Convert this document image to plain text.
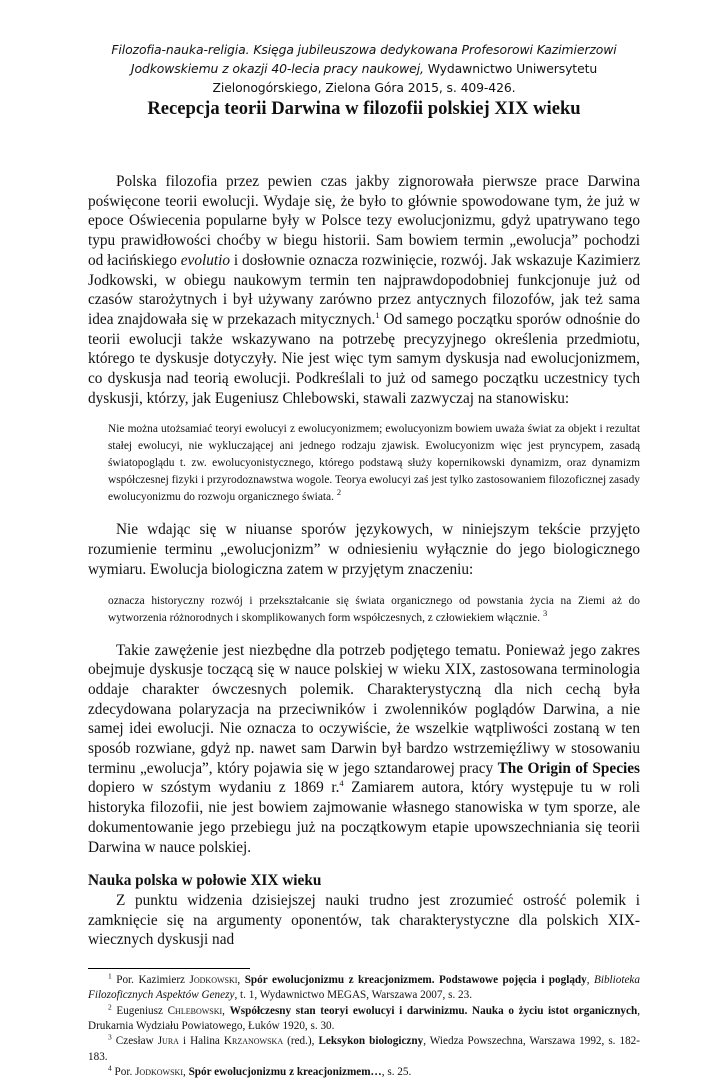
Filozofia-nauka-religia. Księga jubileuszowa dedykowana Profesorowi Kazimierzowi Jodkowskiemu z okazji 40-lecia pracy naukowej, Wydawnictwo Uniwersytetu Zielonogórskiego, Zielona Góra 2015, s. 409-426.

Recepcja teorii Darwina w filozofii polskiej XIX wieku

Polska filozofia przez pewien czas jakby zignorowała pierwsze prace Darwina poświęcone teorii ewolucji. Wydaje się, że było to głównie spowodowane tym, że już w epoce Oświecenia popularne były w Polsce tezy ewolucjonizmu, gdyż upatrywano tego typu prawidłowości choćby w biegu historii. Sam bowiem termin „ewolucja” pochodzi od łacińskiego evolutio i dosłownie oznacza rozwinięcie, rozwój. Jak wskazuje Kazimierz Jodkowski, w obiegu naukowym termin ten najprawdopodobniej funkcjonuje już od czasów starożytnych i był używany zarówno przez antycznych filozofów, jak też sama idea znajdowała się w przekazach mitycznych.$^1$ Od samego początku sporów odnośnie do teorii ewolucji także wskazywano na potrzebę precyzyjnego określenia przedmiotu, którego te dyskusje dotyczyły. Nie jest więc tym samym dyskusja nad ewolucjonizmem, co dyskusja nad teorią ewolucji. Podkreślali to już od samego początku uczestnicy tych dyskusji, którzy, jak Eugeniusz Chlebowski, stawali zazwyczaj na stanowisku:

Nie można utożsamiać teoryi ewolucyi z ewolucyonizmem; ewolucyonizm bowiem uważa świat za objekt i rezultat stałej ewolucyi, nie wykluczającej ani jednego rodzaju zjawisk. Ewolucyonizm więc jest pryncypem, zasadą światopoglądu t. zw. ewolucyonistycznego, którego podstawą służy kopernikowski dynamizm, oraz dynamizm współczesnej fizyki i przyrodoznawstwa wogole. Teorya ewolucyi zaś jest tylko zastosowaniem filozoficznej zasady ewolucyonizmu do rozwoju organicznego świata. $^2$

Nie wdając się w niuanse sporów językowych, w niniejszym tekście przyjęto rozumienie terminu „ewolucjonizm” w odniesieniu wyłącznie do jego biologicznego wymiaru. Ewolucja biologiczna zatem w przyjętym znaczeniu:

oznacza historyczny rozwój i przekształcanie się świata organicznego od powstania życia na Ziemi aż do wytworzenia różnorodnych i skomplikowanych form współczesnych, z człowiekiem włącznie. $^3$

Takie zawężenie jest niezbędne dla potrzeb podjętego tematu. Ponieważ jego zakres obejmuje dyskusje toczącą się w nauce polskiej w wieku XIX, zastosowana terminologia oddaje charakter ówczesnych polemik. Charakterystyczną dla nich cechą była zdecydowana polaryzacja na przeciwników i zwolenników poglądów Darwina, a nie samej idei ewolucji. Nie oznacza to oczywiście, że wszelkie wątpliwości zostaną w ten sposób rozwiane, gdyż np. nawet sam Darwin był bardzo wstrzemięźliwy w stosowaniu terminu „ewolucja”, który pojawia się w jego sztandarowej pracy The Origin of Species dopiero w szóstym wydaniu z 1869 r.$^4$ Zamiarem autora, który występuje tu w roli historyka filozofii, nie jest bowiem zajmowanie własnego stanowiska w tym sporze, ale dokumentowanie jego przebiegu już na początkowym etapie upowszechniania się teorii Darwina w nauce polskiej.

Nauka polska w połowie XIX wieku

Z punktu widzenia dzisiejszej nauki trudno jest zrozumieć ostrość polemik i zamknięcie się na argumenty oponentów, tak charakterystyczne dla polskich XIX-wiecznych dyskusji nad

$^1$ Por. Kazimierz Jodkowski, Spór ewolucjonizmu z kreacjonizmem. Podstawowe pojęcia i poglądy, Biblioteka Filozoficznych Aspektów Genezy, t. 1, Wydawnictwo MEGAS, Warszawa 2007, s. 23.

$^2$ Eugeniusz Chlebowski, Współczesny stan teoryi ewolucyi i darwinizmu. Nauka o życiu istot organicznych, Drukarnia Wydziału Powiatowego, Łuków 1920, s. 30.

$^3$ Czesław Jura i Halina Krzanowska (red.), Leksykon biologiczny, Wiedza Powszechna, Warszawa 1992, s. 182-183.

$^4$ Por. Jodkowski, Spór ewolucjonizmu z kreacjonizmem…, s. 25.
